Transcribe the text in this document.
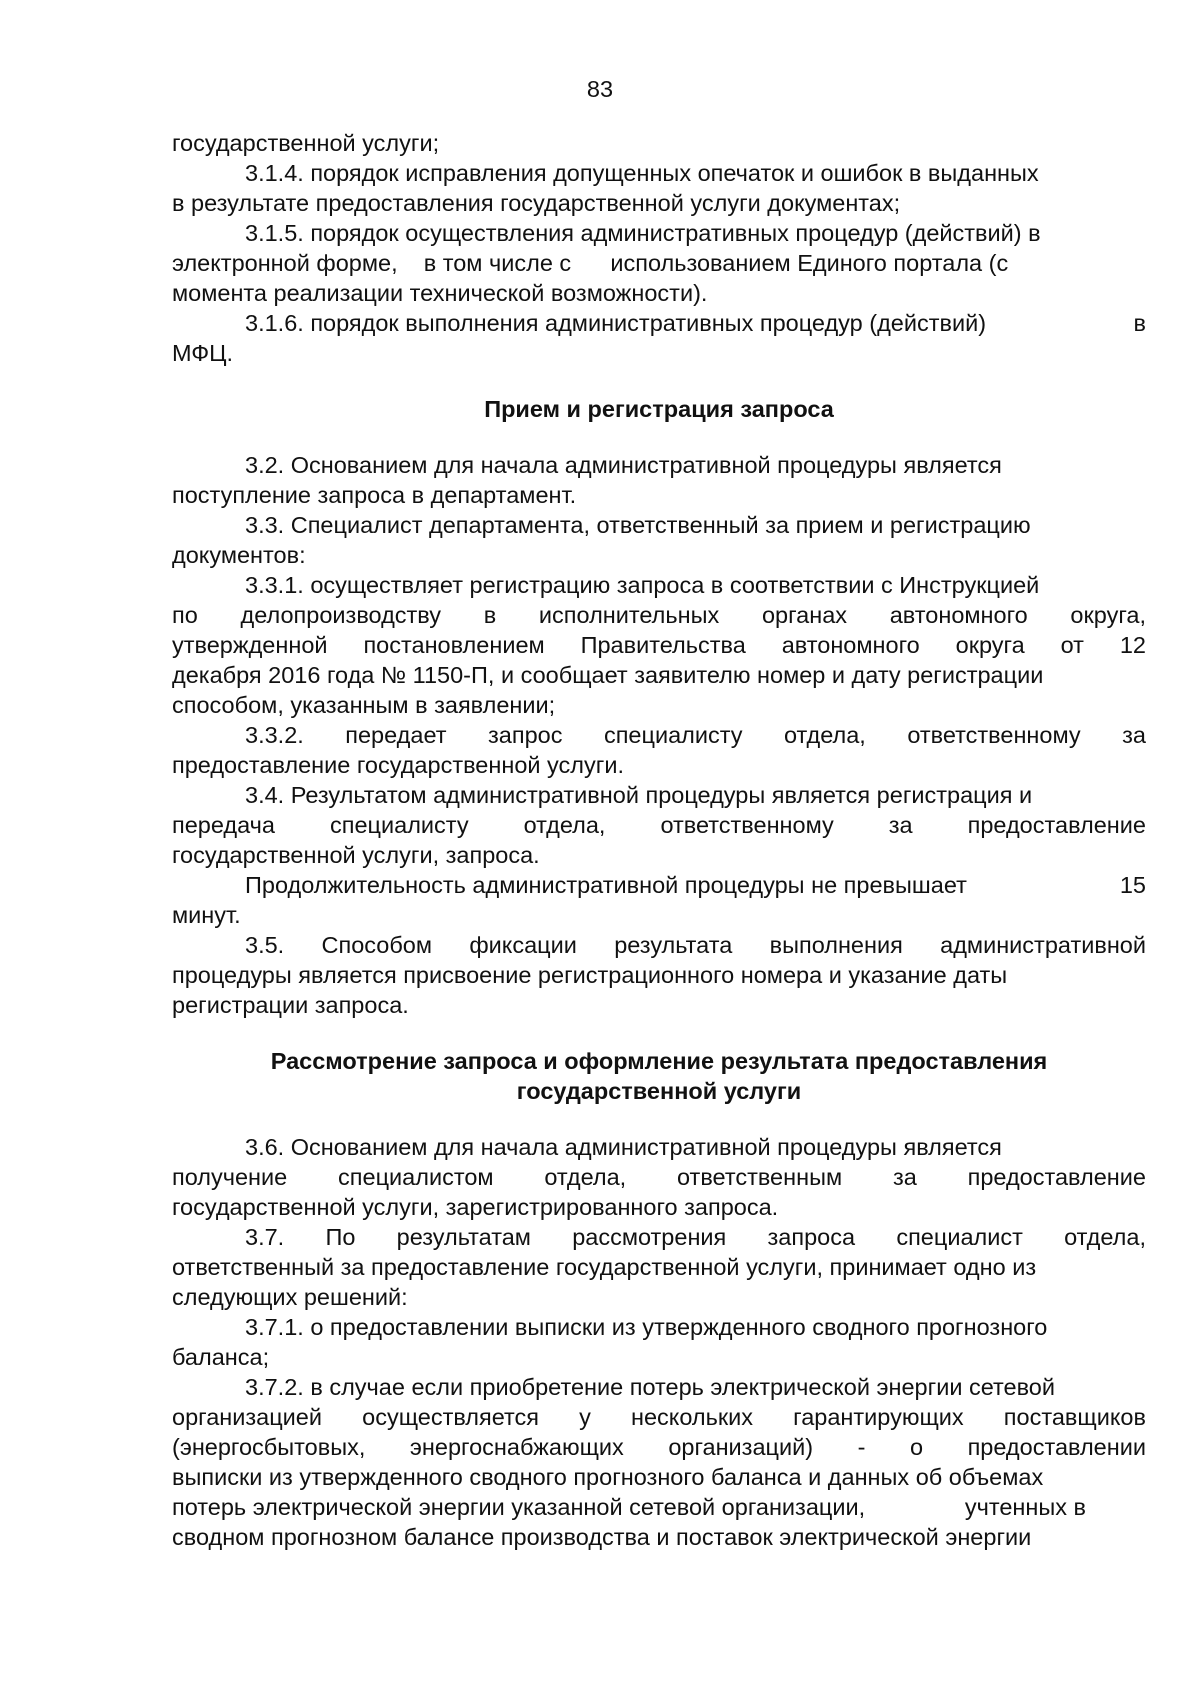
83
государственной услуги;
3.1.4. порядок исправления допущенных опечаток и ошибок в выданных
в результате предоставления государственной услуги документах;
3.1.5. порядок осуществления административных процедур (действий) в
электронной форме,    в том числе с      использованием Единого портала (с
момента реализации технической возможности).
3.1.6. порядок выполнения административных процедур (действий)	в
МФЦ.
Прием и регистрация запроса
3.2. Основанием для начала административной процедуры является
поступление запроса в департамент.
3.3. Специалист департамента, ответственный за прием и регистрацию
документов:
3.3.1. осуществляет регистрацию запроса в соответствии с Инструкцией
по делопроизводству в исполнительных органах автономного округа,
утвержденной постановлением Правительства автономного округа от 12
декабря 2016 года № 1150-П, и сообщает заявителю номер и дату регистрации
способом, указанным в заявлении;
3.3.2. передает запрос специалисту отдела, ответственному за
предоставление государственной услуги.
3.4. Результатом административной процедуры является регистрация и
передача специалисту отдела, ответственному за предоставление
государственной услуги, запроса.
Продолжительность административной процедуры не превышает	15
минут.
3.5. Способом фиксации результата выполнения административной
процедуры является присвоение регистрационного номера и указание даты
регистрации запроса.
Рассмотрение запроса и оформление результата предоставления
государственной услуги
3.6. Основанием для начала административной процедуры является
получение специалистом отдела, ответственным за предоставление
государственной услуги, зарегистрированного запроса.
3.7. По результатам рассмотрения запроса специалист отдела,
ответственный за предоставление государственной услуги, принимает одно из
следующих решений:
3.7.1. о предоставлении выписки из утвержденного сводного прогнозного
баланса;
3.7.2. в случае если приобретение потерь электрической энергии сетевой
организацией осуществляется у нескольких гарантирующих поставщиков
(энергосбытовых, энергоснабжающих организаций) - о предоставлении
выписки из утвержденного сводного прогнозного баланса и данных об объемах
потерь электрической энергии указанной сетевой организации,	учтенных в
сводном прогнозном балансе производства и поставок электрической энергии
